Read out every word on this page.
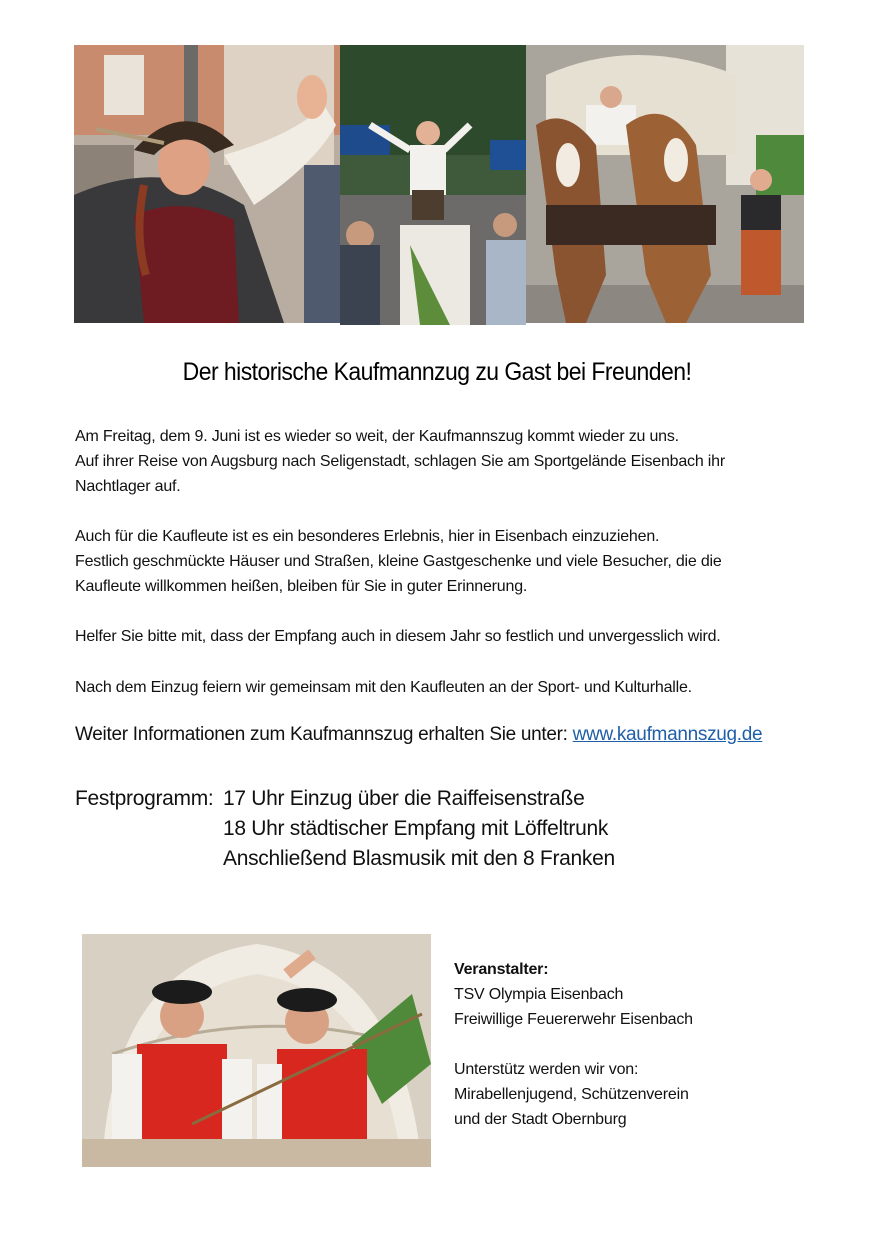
Der historische Kaufmannzug zu Gast bei Freunden!

Am Freitag, dem 9. Juni ist es wieder so weit, der Kaufmannszug kommt wieder zu uns.

Auf ihrer Reise von Augsburg nach Seligenstadt, schlagen Sie am Sportgelände Eisenbach ihr

Nachtlager auf.

Auch für die Kaufleute ist es ein besonderes Erlebnis, hier in Eisenbach einzuziehen.

Festlich geschmückte Häuser und Straßen, kleine Gastgeschenke und viele Besucher, die die

Kaufleute willkommen heißen, bleiben für Sie in guter Erinnerung.

Helfer Sie bitte mit, dass der Empfang auch in diesem Jahr so festlich und unvergesslich wird.

Nach dem Einzug feiern wir gemeinsam mit den Kaufleuten an der Sport- und Kulturhalle.

Weiter Informationen zum Kaufmannszug erhalten Sie unter: www.kaufmannszug.de
Festprogramm: 17 Uhr Einzug über die Raiffeisenstraße
18 Uhr städtischer Empfang mit Löffeltrunk
Anschließend Blasmusik mit den 8 Franken
Veranstalter:
TSV Olympia Eisenbach
Freiwillige Feuererwehr Eisenbach
Unterstütz werden wir von:
Mirabellenjugend, Schützenverein
und der Stadt Obernburg
